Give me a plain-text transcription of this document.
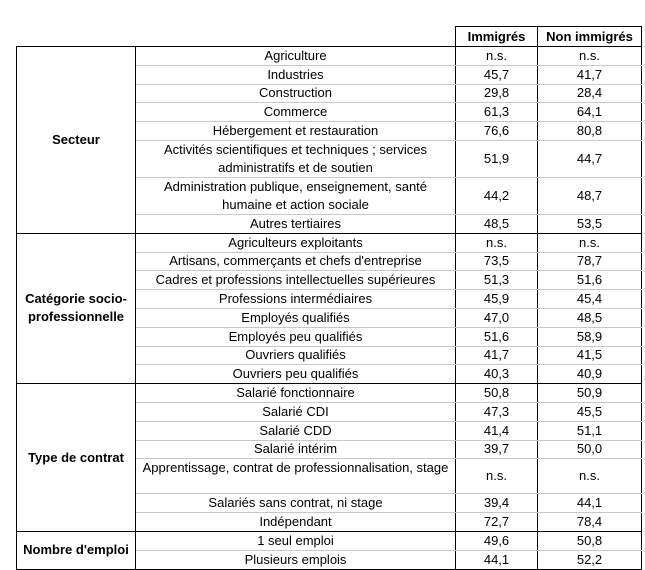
		Immigrés	Non immigrés
Secteur	Agriculture	n.s.	n.s.
	Industries	45,7	41,7
	Construction	29,8	28,4
	Commerce	61,3	64,1
	Hébergement et restauration	76,6	80,8
	Activités scientifiques et techniques ; services administratifs et de soutien	51,9	44,7
	Administration publique, enseignement, santé humaine et action sociale	44,2	48,7
	Autres tertiaires	48,5	53,5
Catégorie socio-professionnelle	Agriculteurs exploitants	n.s.	n.s.
	Artisans, commerçants et chefs d'entreprise	73,5	78,7
	Cadres et professions intellectuelles supérieures	51,3	51,6
	Professions intermédiaires	45,9	45,4
	Employés qualifiés	47,0	48,5
	Employés peu qualifiés	51,6	58,9
	Ouvriers qualifiés	41,7	41,5
	Ouvriers peu qualifiés	40,3	40,9
Type de contrat	Salarié fonctionnaire	50,8	50,9
	Salarié CDI	47,3	45,5
	Salarié CDD	41,4	51,1
	Salarié intérim	39,7	50,0

	Apprentissage, contrat de professionnalisation, stage	n.s.	n.s.
	Salariés sans contrat, ni stage	39,4	44,1
	Indépendant	72,7	78,4
Nombre d'emploi	1 seul emploi	49,6	50,8
	Plusieurs emplois	44,1	52,2
